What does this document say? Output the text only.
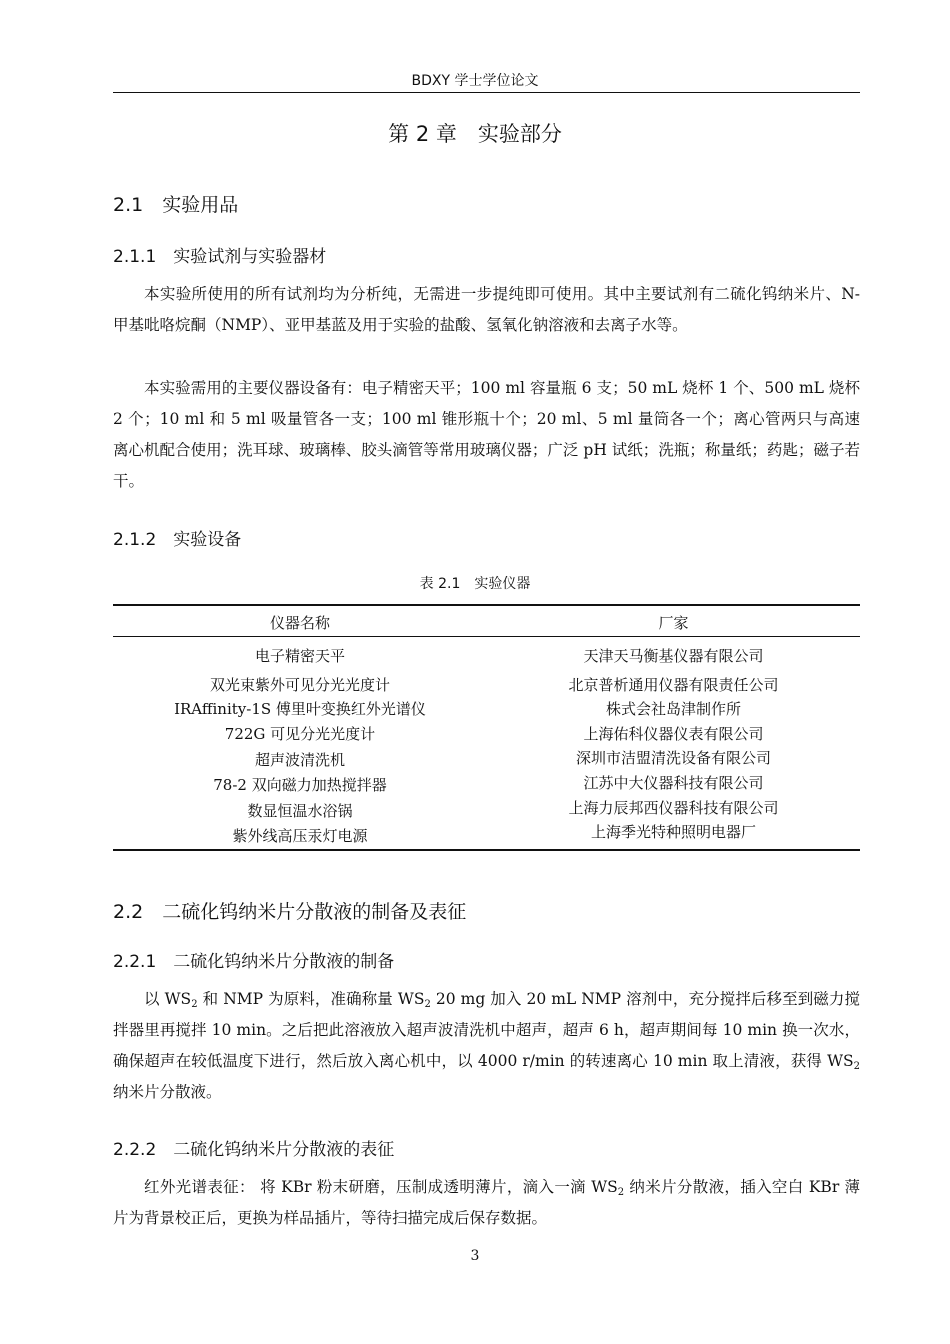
BDXY 学士学位论文
第 2 章　实验部分
2.1　实验用品
2.1.1　实验试剂与实验器材

本实验所使用的所有试剂均为分析纯，无需进一步提纯即可使用。其中主要试剂有二硫化钨纳米片、N-甲基吡咯烷酮（NMP）、亚甲基蓝及用于实验的盐酸、氢氧化钠溶液和去离子水等。

本实验需用的主要仪器设备有：电子精密天平；100 ml 容量瓶 6 支；50 mL 烧杯 1 个、500 mL 烧杯 2 个；10 ml 和 5 ml 吸量管各一支；100 ml 锥形瓶十个；20 ml、5 ml 量筒各一个；离心管两只与高速离心机配合使用；洗耳球、玻璃棒、胶头滴管等常用玻璃仪器；广泛 pH 试纸；洗瓶；称量纸；药匙；磁子若干。

2.1.2　实验设备
表 2.1　实验仪器
仪器名称	厂家
电子精密天平	天津天马衡基仪器有限公司
双光束紫外可见分光光度计	北京普析通用仪器有限责任公司
IRAffinity-1S 傅里叶变换红外光谱仪	株式会社岛津制作所
722G 可见分光光度计	上海佑科仪器仪表有限公司
超声波清洗机	深圳市洁盟清洗设备有限公司
78-2 双向磁力加热搅拌器	江苏中大仪器科技有限公司
数显恒温水浴锅	上海力辰邦西仪器科技有限公司
紫外线高压汞灯电源	上海季光特种照明电器厂
2.2　二硫化钨纳米片分散液的制备及表征
2.2.1　二硫化钨纳米片分散液的制备

以 $WS_2$ 和 NMP 为原料，准确称量 $WS_2$ 20 mg 加入 20 mL NMP 溶剂中，充分搅拌后移至到磁力搅拌器里再搅拌 10 min。之后把此溶液放入超声波清洗机中超声，超声 6 h，超声期间每 10 min 换一次水，确保超声在较低温度下进行，然后放入离心机中，以 4000 r/min 的转速离心 10 min 取上清液，获得 $WS_2$ 纳米片分散液。

2.2.2　二硫化钨纳米片分散液的表征

红外光谱表征： 将 KBr 粉末研磨，压制成透明薄片，滴入一滴 $WS_2$ 纳米片分散液，插入空白 KBr 薄片为背景校正后，更换为样品插片，等待扫描完成后保存数据。

3
